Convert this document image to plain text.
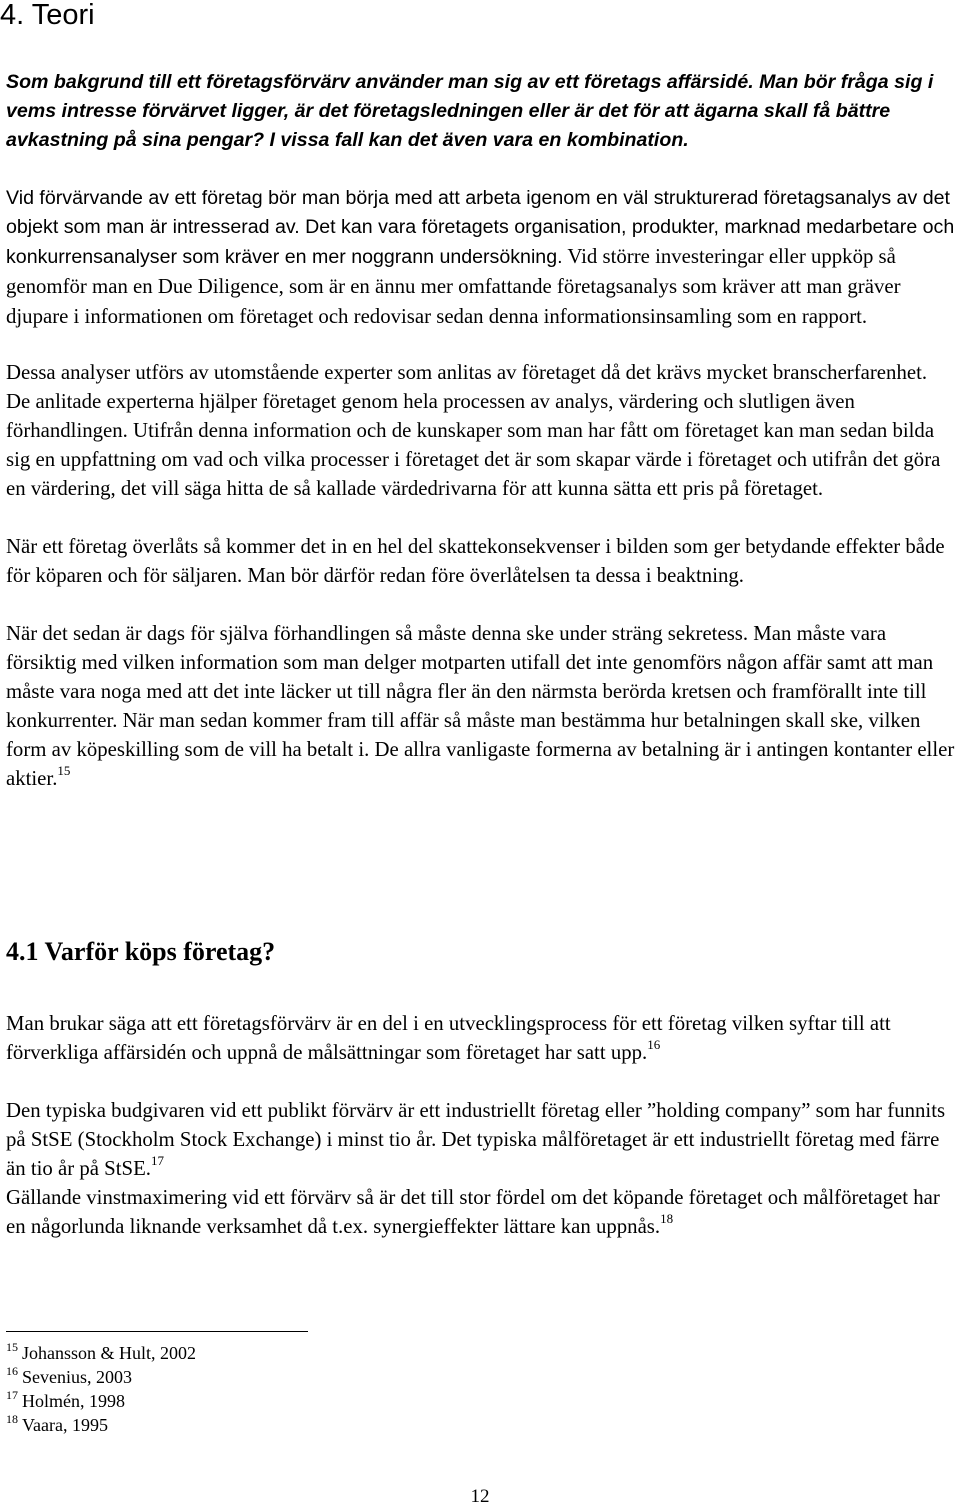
4. Teori

Som bakgrund till ett företagsförvärv använder man sig av ett företags affärsidé. Man bör fråga sig i vems intresse förvärvet ligger, är det företagsledningen eller är det för att ägarna skall få bättre avkastning på sina pengar? I vissa fall kan det även vara en kombination.

Vid förvärvande av ett företag bör man börja med att arbeta igenom en väl strukturerad företagsanalys av det objekt som man är intresserad av. Det kan vara företagets organisation, produkter, marknad medarbetare och konkurrensanalyser som kräver en mer noggrann undersökning. Vid större investeringar eller uppköp så genomför man en Due Diligence, som är en ännu mer omfattande företagsanalys som kräver att man gräver djupare i informationen om företaget och redovisar sedan denna informationsinsamling som en rapport.

Dessa analyser utförs av utomstående experter som anlitas av företaget då det krävs mycket branscherfarenhet. De anlitade experterna hjälper företaget genom hela processen av analys, värdering och slutligen även förhandlingen. Utifrån denna information och de kunskaper som man har fått om företaget kan man sedan bilda sig en uppfattning om vad och vilka processer i företaget det är som skapar värde i företaget och utifrån det göra en värdering, det vill säga hitta de så kallade värdedrivarna för att kunna sätta ett pris på företaget.

När ett företag överlåts så kommer det in en hel del skattekonsekvenser i bilden som ger betydande effekter både för köparen och för säljaren. Man bör därför redan före överlåtelsen ta dessa i beaktning.

När det sedan är dags för själva förhandlingen så måste denna ske under sträng sekretess. Man måste vara försiktig med vilken information som man delger motparten utifall det inte genomförs någon affär samt att man måste vara noga med att det inte läcker ut till några fler än den närmsta berörda kretsen och framförallt inte till konkurrenter. När man sedan kommer fram till affär så måste man bestämma hur betalningen skall ske, vilken form av köpeskilling som de vill ha betalt i. De allra vanligaste formerna av betalning är i antingen kontanter eller aktier.$^{15}$

4.1 Varför köps företag?

Man brukar säga att ett företagsförvärv är en del i en utvecklingsprocess för ett företag vilken syftar till att förverkliga affärsidén och uppnå de målsättningar som företaget har satt upp.$^{16}$

Den typiska budgivaren vid ett publikt förvärv är ett industriellt företag eller ”holding company” som har funnits på StSE (Stockholm Stock Exchange) i minst tio år. Det typiska målföretaget är ett industriellt företag med färre än tio år på StSE.$^{17}$

Gällande vinstmaximering vid ett förvärv så är det till stor fördel om det köpande företaget och målföretaget har en någorlunda liknande verksamhet då t.ex. synergieffekter lättare kan uppnås.$^{18}$

$^{15}$ Johansson & Hult, 2002
$^{16}$ Sevenius, 2003
$^{17}$ Holmén, 1998
$^{18}$ Vaara, 1995
12
